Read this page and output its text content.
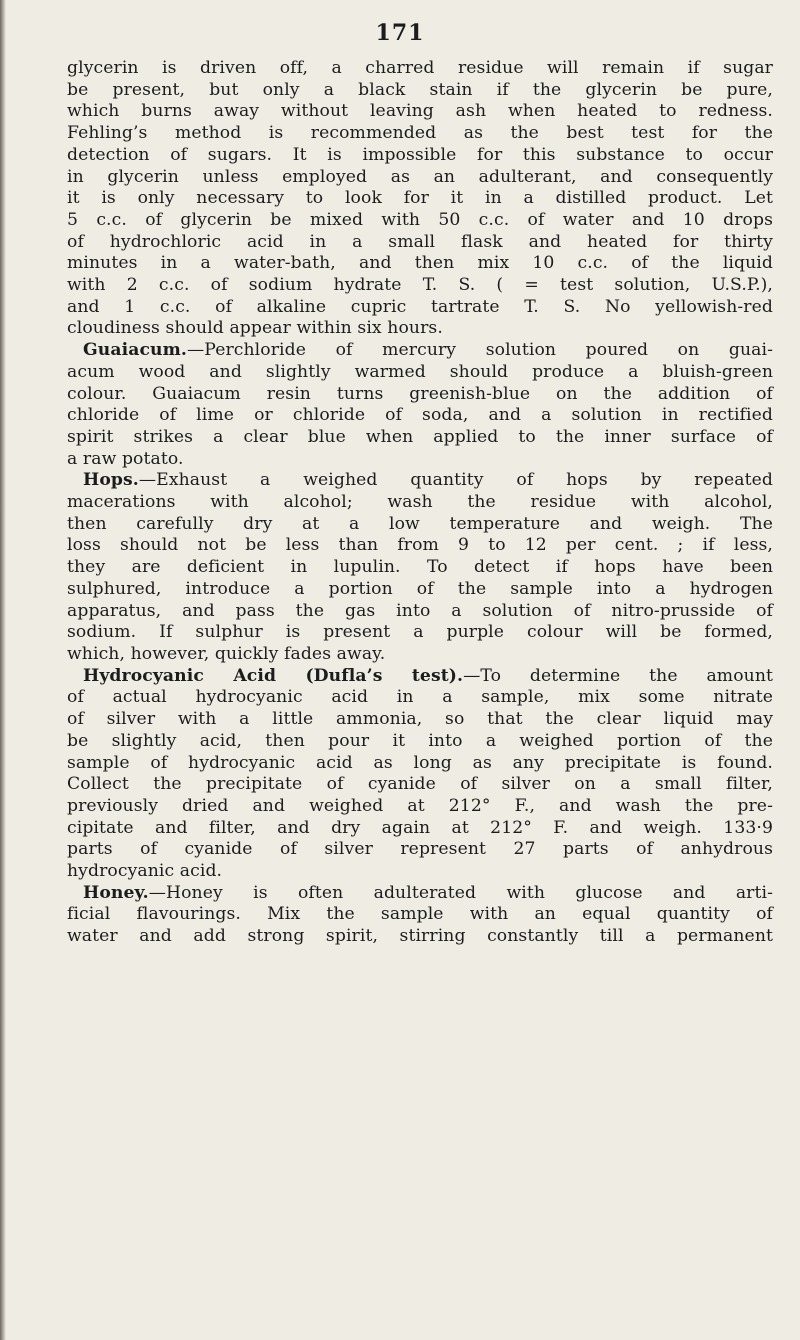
171

glycerin is driven off, a charred residue will remain if sugar

be present, but only a black stain if the glycerin be pure,

which burns away without leaving ash when heated to redness.

Fehling’s method is recommended as the best test for the

detection of sugars. It is impossible for this substance to occur

in glycerin unless employed as an adulterant, and consequently

it is only necessary to look for it in a distilled product. Let

5 c.c. of glycerin be mixed with 50 c.c. of water and 10 drops

of hydrochloric acid in a small flask and heated for thirty

minutes in a water-bath, and then mix 10 c.c. of the liquid

with 2 c.c. of sodium hydrate T. S. ( = test solution, U.S.P.),

and 1 c.c. of alkaline cupric tartrate T. S. No yellowish-red

cloudiness should appear within six hours.

Guaiacum.—Perchloride of mercury solution poured on guai-

acum wood and slightly warmed should produce a bluish-green

colour. Guaiacum resin turns greenish-blue on the addition of

chloride of lime or chloride of soda, and a solution in rectified

spirit strikes a clear blue when applied to the inner surface of

a raw potato.

Hops.—Exhaust a weighed quantity of hops by repeated

macerations with alcohol; wash the residue with alcohol,

then carefully dry at a low temperature and weigh. The

loss should not be less than from 9 to 12 per cent. ; if less,

they are deficient in lupulin. To detect if hops have been

sulphured, introduce a portion of the sample into a hydrogen

apparatus, and pass the gas into a solution of nitro-prusside of

sodium. If sulphur is present a purple colour will be formed,

which, however, quickly fades away.

Hydrocyanic Acid (Dufla’s test).—To determine the amount

of actual hydrocyanic acid in a sample, mix some nitrate

of silver with a little ammonia, so that the clear liquid may

be slightly acid, then pour it into a weighed portion of the

sample of hydrocyanic acid as long as any precipitate is found.

Collect the precipitate of cyanide of silver on a small filter,

previously dried and weighed at 212° F., and wash the pre-

cipitate and filter, and dry again at 212° F. and weigh. 133·9

parts of cyanide of silver represent 27 parts of anhydrous

hydrocyanic acid.

Honey.—Honey is often adulterated with glucose and arti-

ficial flavourings. Mix the sample with an equal quantity of

water and add strong spirit, stirring constantly till a permanent
